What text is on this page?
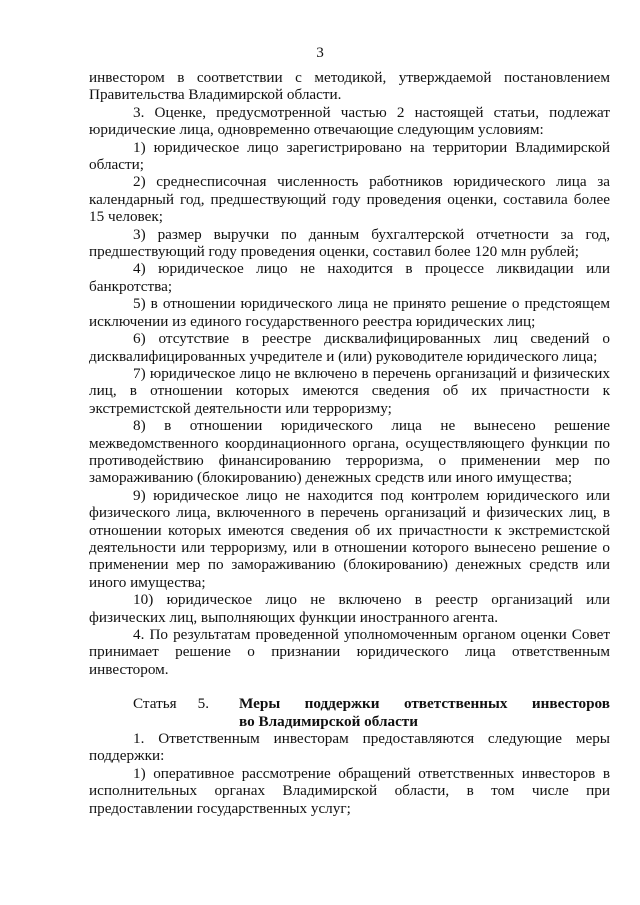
3

инвестором в соответствии с методикой, утверждаемой постановлением Правительства Владимирской области.

3. Оценке, предусмотренной частью 2 настоящей статьи, подлежат юридические лица, одновременно отвечающие следующим условиям:

1) юридическое лицо зарегистрировано на территории Владимирской области;

2) среднесписочная численность работников юридического лица за календарный год, предшествующий году проведения оценки, составила более 15 человек;

3) размер выручки по данным бухгалтерской отчетности за год, предшествующий году проведения оценки, составил более 120 млн рублей;

4) юридическое лицо не находится в процессе ликвидации или банкротства;

5) в отношении юридического лица не принято решение о предстоящем исключении из единого государственного реестра юридических лиц;

6) отсутствие в реестре дисквалифицированных лиц сведений о дисквалифицированных учредителе и (или) руководителе юридического лица;

7) юридическое лицо не включено в перечень организаций и физических лиц, в отношении которых имеются сведения об их причастности к экстремистской деятельности или терроризму;

8) в отношении юридического лица не вынесено решение межведомственного координационного органа, осуществляющего функции по противодействию финансированию терроризма, о применении мер по замораживанию (блокированию) денежных средств или иного имущества;

9) юридическое лицо не находится под контролем юридического или физического лица, включенного в перечень организаций и физических лиц, в отношении которых имеются сведения об их причастности к экстремистской деятельности или терроризму, или в отношении которого вынесено решение о применении мер по замораживанию (блокированию) денежных средств или иного имущества;

10) юридическое лицо не включено в реестр организаций или физических лиц, выполняющих функции иностранного агента.

4. По результатам проведенной уполномоченным органом оценки Совет принимает решение о признании юридического лица ответственным инвестором.

Статья 5. Меры поддержки ответственных инвесторов
во Владимирской области

1. Ответственным инвесторам предоставляются следующие меры поддержки:

1) оперативное рассмотрение обращений ответственных инвесторов в исполнительных органах Владимирской области, в том числе при предоставлении государственных услуг;
